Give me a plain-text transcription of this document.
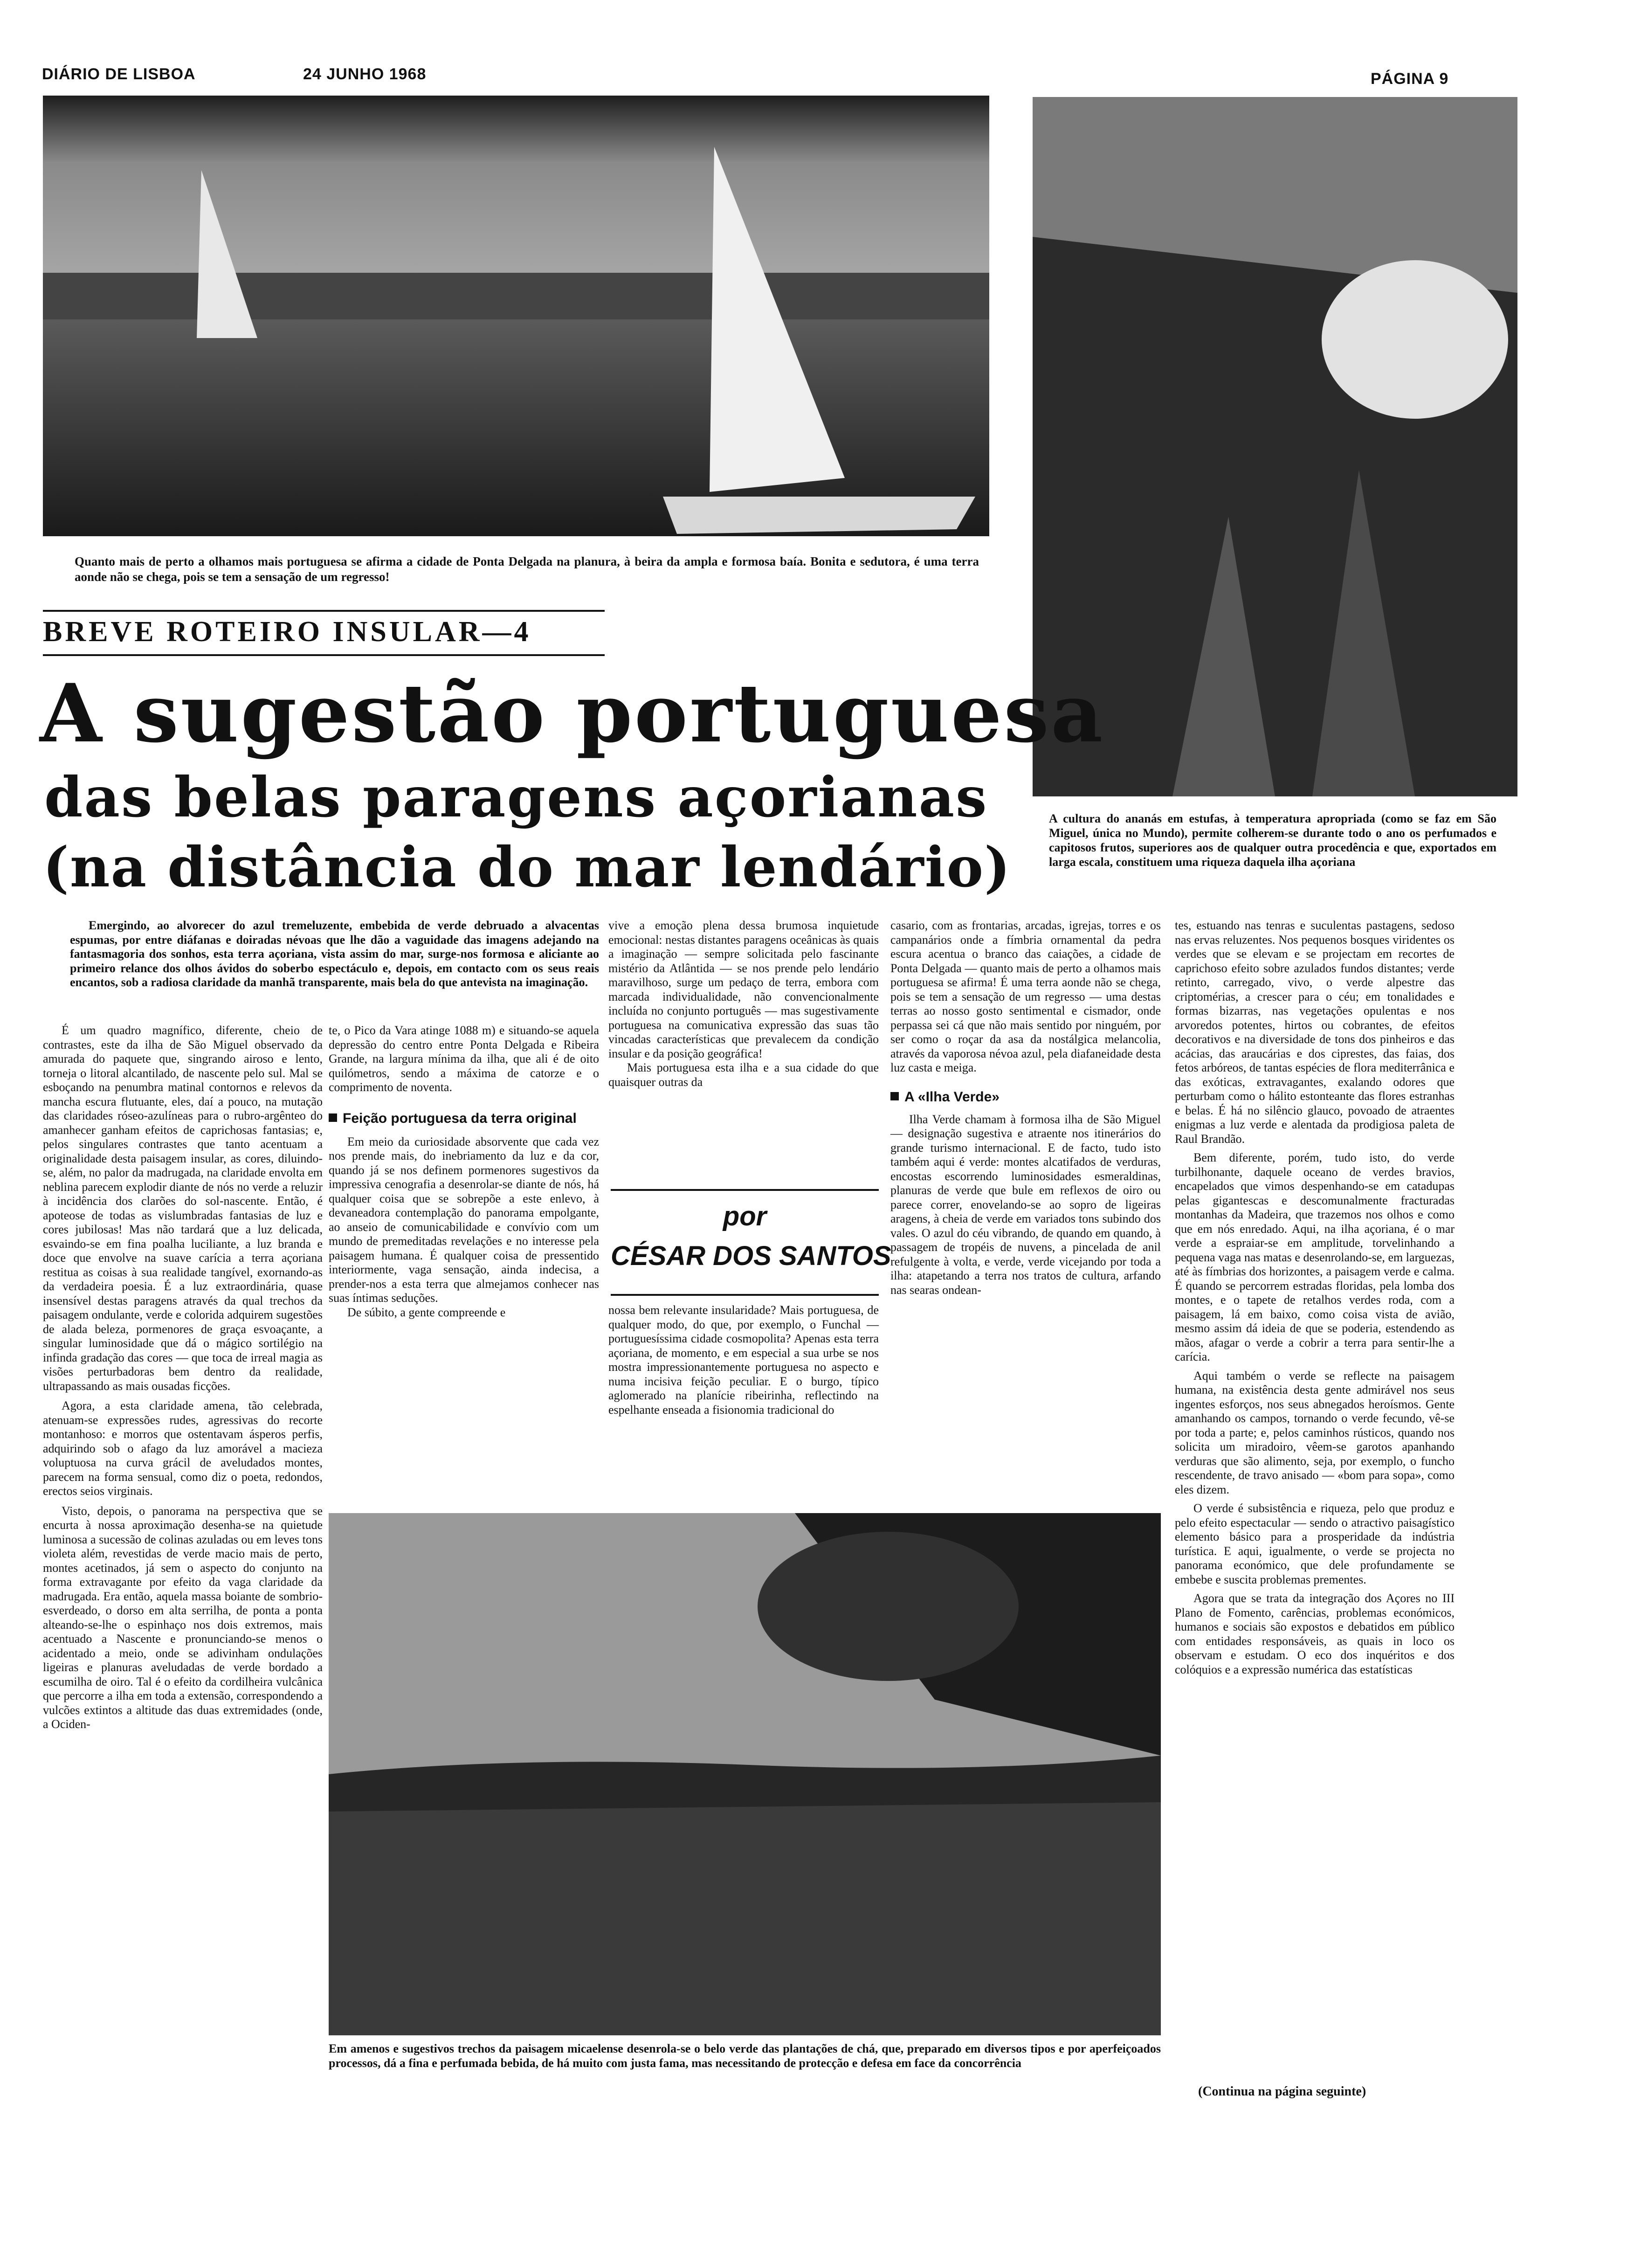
DIÁRIO DE LISBOA	24 JUNHO 1968	PÁGINA 9
Quanto mais de perto a olhamos mais portuguesa se afirma a cidade de Ponta Delgada na planura, à beira da ampla e formosa baía. Bonita e sedutora, é uma terra aonde não se chega, pois se tem a sensação de um regresso!
A cultura do ananás em estufas, à temperatura apropriada (como se faz em São Miguel, única no Mundo), permite colherem-se durante todo o ano os perfumados e capitosos frutos, superiores aos de qualquer outra procedência e que, exportados em larga escala, constituem uma riqueza daquela ilha açoriana
BREVE ROTEIRO INSULAR—4
A sugestão portuguesa
das belas paragens açorianas
(na distância do mar lendário)

Emergindo, ao alvorecer do azul tremeluzente, embebida de verde debruado a alvacentas espumas, por entre diáfanas e doiradas névoas que lhe dão a vaguidade das imagens adejando na fantasmagoria dos sonhos, esta terra açoriana, vista assim do mar, surge-nos formosa e aliciante ao primeiro relance dos olhos ávidos do soberbo espectáculo e, depois, em contacto com os seus reais encantos, sob a radiosa claridade da manhã transparente, mais bela do que antevista na imaginação.

É um quadro magnífico, diferente, cheio de contrastes, este da ilha de São Miguel observado da amurada do paquete que, singrando airoso e lento, torneja o litoral alcantilado, de nascente pelo sul. Mal se esboçando na penumbra matinal contornos e relevos da mancha escura flutuante, eles, daí a pouco, na mutação das claridades róseo-azulíneas para o rubro-argênteo do amanhecer ganham efeitos de caprichosas fantasias; e, pelos singulares contrastes que tanto acentuam a originalidade desta paisagem insular, as cores, diluindo-se, além, no palor da madrugada, na claridade envolta em neblina parecem explodir diante de nós no verde a reluzir à incidência dos clarões do sol-nascente. Então, é apoteose de todas as vislumbradas fantasias de luz e cores jubilosas! Mas não tardará que a luz delicada, esvaindo-se em fina poalha luciliante, a luz branda e doce que envolve na suave carícia a terra açoriana restitua as coisas à sua realidade tangível, exornando-as da verdadeira poesia. É a luz extraordinária, quase insensível destas paragens através da qual trechos da paisagem ondulante, verde e colorida adquirem sugestões de alada beleza, pormenores de graça esvoaçante, a singular luminosidade que dá o mágico sortilégio na infinda gradação das cores — que toca de irreal magia as visões perturbadoras bem dentro da realidade, ultrapassando as mais ousadas ficções.

Agora, a esta claridade amena, tão celebrada, atenuam-se expressões rudes, agressivas do recorte montanhoso: e morros que ostentavam ásperos perfis, adquirindo sob o afago da luz amorável a macieza voluptuosa na curva grácil de aveludados montes, parecem na forma sensual, como diz o poeta, redondos, erectos seios virginais.

Visto, depois, o panorama na perspectiva que se encurta à nossa aproximação desenha-se na quietude luminosa a sucessão de colinas azuladas ou em leves tons violeta além, revestidas de verde macio mais de perto, montes acetinados, já sem o aspecto do conjunto na forma extravagante por efeito da vaga claridade da madrugada. Era então, aquela massa boiante de sombrio-esverdeado, o dorso em alta serrilha, de ponta a ponta alteando-se-lhe o espinhaço nos dois extremos, mais acentuado a Nascente e pronunciando-se menos o acidentado a meio, onde se adivinham ondulações ligeiras e planuras aveludadas de verde bordado a escumilha de oiro. Tal é o efeito da cordilheira vulcânica que percorre a ilha em toda a extensão, correspondendo a vulcões extintos a altitude das duas extremidades (onde, a Ociden-

te, o Pico da Vara atinge 1088 m) e situando-se aquela depressão do centro entre Ponta Delgada e Ribeira Grande, na largura mínima da ilha, que ali é de oito quilómetros, sendo a máxima de catorze e o comprimento de noventa.

Feição portuguesa da terra original

Em meio da curiosidade absorvente que cada vez nos prende mais, do inebriamento da luz e da cor, quando já se nos definem pormenores sugestivos da impressiva cenografia a desenrolar-se diante de nós, há qualquer coisa que se sobrepõe a este enlevo, à devaneadora contemplação do panorama empolgante, ao anseio de comunicabilidade e convívio com um mundo de premeditadas revelações e no interesse pela paisagem humana. É qualquer coisa de pressentido interiormente, vaga sensação, ainda indecisa, a prender-nos a esta terra que almejamos conhecer nas suas íntimas seduções.

De súbito, a gente compreende e

vive a emoção plena dessa brumosa inquietude emocional: nestas distantes paragens oceânicas às quais a imaginação — sempre solicitada pelo fascinante mistério da Atlântida — se nos prende pelo lendário maravilhoso, surge um pedaço de terra, embora com marcada individualidade, não convencionalmente incluída no conjunto português — mas sugestivamente portuguesa na comunicativa expressão das suas tão vincadas características que prevalecem da condição insular e da posição geográfica!

Mais portuguesa esta ilha e a sua cidade do que quaisquer outras da

por
CÉSAR DOS SANTOS

nossa bem relevante insularidade? Mais portuguesa, de qualquer modo, do que, por exemplo, o Funchal — portuguesíssima cidade cosmopolita? Apenas esta terra açoriana, de momento, e em especial a sua urbe se nos mostra impressionantemente portuguesa no aspecto e numa incisiva feição peculiar. E o burgo, típico aglomerado na planície ribeirinha, reflectindo na espelhante enseada a fisionomia tradicional do

casario, com as frontarias, arcadas, igrejas, torres e os campanários onde a fímbria ornamental da pedra escura acentua o branco das caiações, a cidade de Ponta Delgada — quanto mais de perto a olhamos mais portuguesa se afirma! É uma terra aonde não se chega, pois se tem a sensação de um regresso — uma destas terras ao nosso gosto sentimental e cismador, onde perpassa sei cá que não mais sentido por ninguém, por ser como o roçar da asa da nostálgica melancolia, através da vaporosa névoa azul, pela diafaneidade desta luz casta e meiga.

A «Ilha Verde»

Ilha Verde chamam à formosa ilha de São Miguel — designação sugestiva e atraente nos itinerários do grande turismo internacional. E de facto, tudo isto também aqui é verde: montes alcatifados de verduras, encostas escorrendo luminosidades esmeraldinas, planuras de verde que bule em reflexos de oiro ou parece correr, enovelando-se ao sopro de ligeiras aragens, à cheia de verde em variados tons subindo dos vales. O azul do céu vibrando, de quando em quando, à passagem de tropéis de nuvens, a pincelada de anil refulgente à volta, e verde, verde vicejando por toda a ilha: atapetando a terra nos tratos de cultura, arfando nas searas ondean-

tes, estuando nas tenras e suculentas pastagens, sedoso nas ervas reluzentes. Nos pequenos bosques viridentes os verdes que se elevam e se projectam em recortes de caprichoso efeito sobre azulados fundos distantes; verde retinto, carregado, vivo, o verde alpestre das criptomérias, a crescer para o céu; em tonalidades e formas bizarras, nas vegetações opulentas e nos arvoredos potentes, hirtos ou cobrantes, de efeitos decorativos e na diversidade de tons dos pinheiros e das acácias, das araucárias e dos ciprestes, das faias, dos fetos arbóreos, de tantas espécies de flora mediterrânica e das exóticas, extravagantes, exalando odores que perturbam como o hálito estonteante das flores estranhas e belas. É há no silêncio glauco, povoado de atraentes enigmas a luz verde e alentada da prodigiosa paleta de Raul Brandão.

Bem diferente, porém, tudo isto, do verde turbilhonante, daquele oceano de verdes bravios, encapelados que vimos despenhando-se em catadupas pelas gigantescas e descomunalmente fracturadas montanhas da Madeira, que trazemos nos olhos e como que em nós enredado. Aqui, na ilha açoriana, é o mar verde a espraiar-se em amplitude, torvelinhando a pequena vaga nas matas e desenrolando-se, em larguezas, até às fímbrias dos horizontes, a paisagem verde e calma. É quando se percorrem estradas floridas, pela lomba dos montes, e o tapete de retalhos verdes roda, com a paisagem, lá em baixo, como coisa vista de avião, mesmo assim dá ideia de que se poderia, estendendo as mãos, afagar o verde a cobrir a terra para sentir-lhe a carícia.

Aqui também o verde se reflecte na paisagem humana, na existência desta gente admirável nos seus ingentes esforços, nos seus abnegados heroísmos. Gente amanhando os campos, tornando o verde fecundo, vê-se por toda a parte; e, pelos caminhos rústicos, quando nos solicita um miradoiro, vêem-se garotos apanhando verduras que são alimento, seja, por exemplo, o funcho rescendente, de travo anisado — «bom para sopa», como eles dizem.

O verde é subsistência e riqueza, pelo que produz e pelo efeito espectacular — sendo o atractivo paisagístico elemento básico para a prosperidade da indústria turística. E aqui, igualmente, o verde se projecta no panorama económico, que dele profundamente se embebe e suscita problemas prementes.

Agora que se trata da integração dos Açores no III Plano de Fomento, carências, problemas económicos, humanos e sociais são expostos e debatidos em público com entidades responsáveis, as quais in loco os observam e estudam. O eco dos inquéritos e dos colóquios e a expressão numérica das estatísticas

(Continua na página seguinte)
Em amenos e sugestivos trechos da paisagem micaelense desenrola-se o belo verde das plantações de chá, que, preparado em diversos tipos e por aperfeiçoados processos, dá a fina e perfumada bebida, de há muito com justa fama, mas necessitando de protecção e defesa em face da concorrência
